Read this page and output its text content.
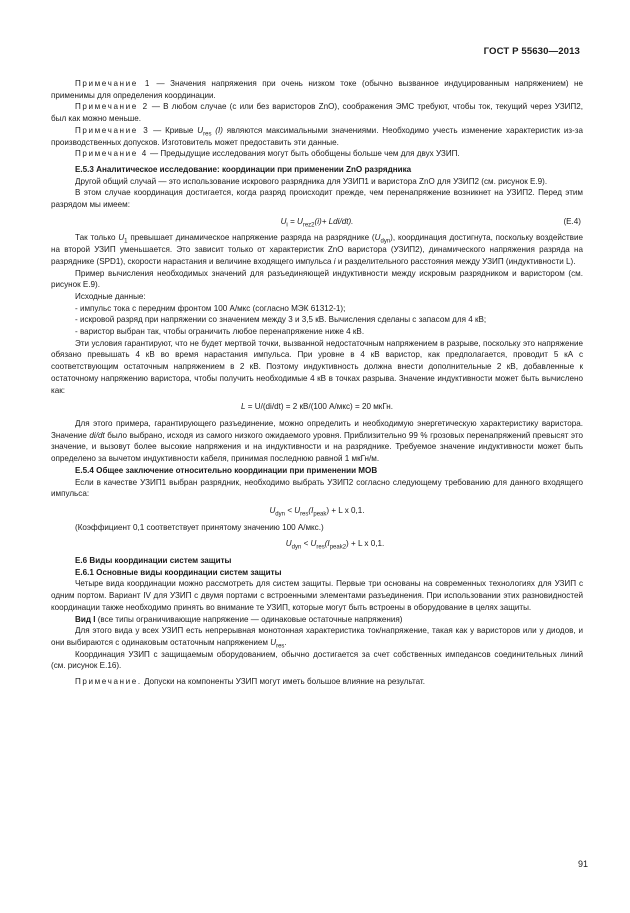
ГОСТ Р 55630—2013

Примечание 1 — Значения напряжения при очень низком токе (обычно вызванное индуцированным напряжением) не применимы для определения координации.

Примечание 2 — В любом случае (с или без варисторов ZnO), соображения ЭМС требуют, чтобы ток, текущий через УЗИП2, был как можно меньше.

Примечание 3 — Кривые $U_{res}$ (I) являются максимальными значениями. Необходимо учесть изменение характеристик из-за производственных допусков. Изготовитель может предоставить эти данные.

Примечание 4 — Предыдущие исследования могут быть обобщены больше чем для двух УЗИП.

Е.5.3 Аналитическое исследование: координации при применении ZnO разрядника

Другой общий случай — это использование искрового разрядника для УЗИП1 и варистора ZnO для УЗИП2 (см. рисунок Е.9).

В этом случае координация достигается, когда разряд происходит прежде, чем перенапряжение возникнет на УЗИП2. Перед этим разрядом мы имеем:

$U_i = U_{rez2}(i)+ Ldi/dt$).	(Е.4)

Так только $U_1$ превышает динамическое напряжение разряда на разряднике $(U_{dyn})$, координация достигнута, поскольку воздействие на второй УЗИП уменьшается. Это зависит только от характеристик ZnO варистора (УЗИП2), динамического напряжения разряда на разряднике (SPD1), скорости нарастания и величине входящего импульса i и разделительного расстояния между УЗИП (индуктивности L).

Пример вычисления необходимых значений для разъединяющей индуктивности между искровым разрядником и варистором (см. рисунок Е.9).

Исходные данные:

- импульс тока с передним фронтом 100 А/мкс (согласно МЭК 61312-1);

- искровой разряд при напряжении со значением между 3 и 3,5 кВ. Вычисления сделаны с запасом для 4 кВ;

- варистор выбран так, чтобы ограничить любое перенапряжение ниже 4 кВ.

Эти условия гарантируют, что не будет мертвой точки, вызванной недостаточным напряжением в разрыве, поскольку это напряжение обязано превышать 4 кВ во время нарастания импульса. При уровне в 4 кВ варистор, как предполагается, проводит 5 кА с соответствующим остаточным напряжением в 2 кВ. Поэтому индуктивность должна внести дополнительные 2 кВ, добавленные к остаточному напряжению варистора, чтобы получить необходимые 4 кВ в точках разрыва. Значение индуктивности может быть вычислено как:

L = U/(di/dt) = 2 кВ/(100 А/мкс) = 20 мкГн.

Для этого примера, гарантирующего разъединение, можно определить и необходимую энергетическую характеристику варистора. Значение di/dt было выбрано, исходя из самого низкого ожидаемого уровня. Приблизительно 99 % грозовых перенапряжений превысят это значение, и вызовут более высокие напряжения и на индуктивности и на разряднике. Требуемое значение индуктивности может быть определено за вычетом индуктивности кабеля, принимая последнюю равной 1 мкГн/м.

Е.5.4 Общее заключение относительно координации при применении МОВ

Если в качестве УЗИП1 выбран разрядник, необходимо выбрать УЗИП2 согласно следующему требованию для данного входящего импульса:

$U_{dyn} < U_{res}(I_{peak}) + L$ x 0,1.

(Коэффициент 0,1 соответствует принятому значению 100 А/мкс.)

$U_{dyn} < U_{res}(I_{peak2}) + L$ x 0,1.

Е.6 Виды координации систем защиты

Е.6.1 Основные виды координации систем защиты

Четыре вида координации можно рассмотреть для систем защиты. Первые три основаны на современных технологиях для УЗИП с одним портом. Вариант IV для УЗИП с двумя портами с встроенными элементами разъединения. При использовании этих разновидностей координации также необходимо принять во внимание те УЗИП, которые могут быть встроены в оборудование в целях защиты.

Вид I (все типы ограничивающие напряжение — одинаковые остаточные напряжения)

Для этого вида у всех УЗИП есть непрерывная монотонная характеристика ток/напряжение, такая как у варисторов или у диодов, и они выбираются с одинаковым остаточным напряжением $U_{res}$.

Координация УЗИП с защищаемым оборудованием, обычно достигается за счет собственных импедансов соединительных линий (см. рисунок Е.16).

Примечание. Допуски на компоненты УЗИП могут иметь большое влияние на результат.

91
